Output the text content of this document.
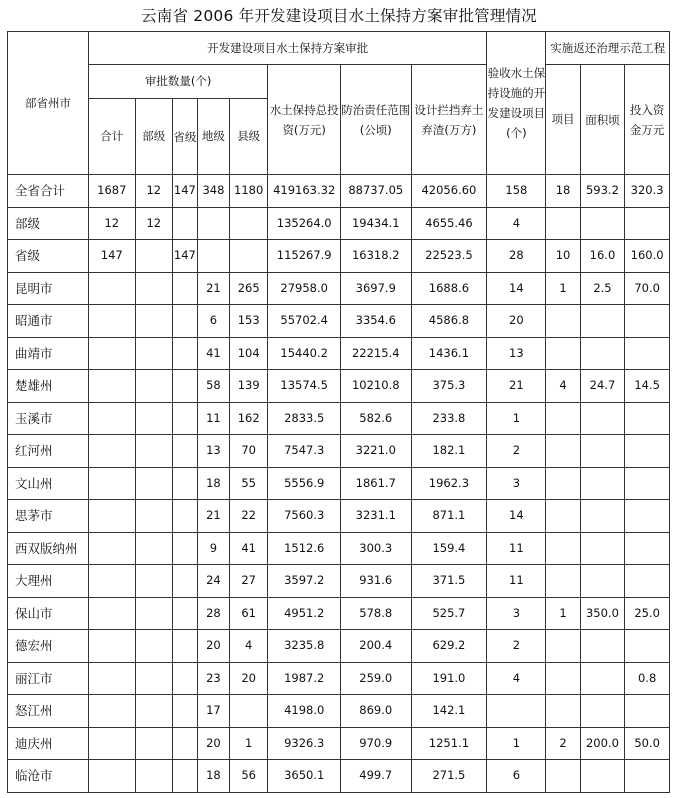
云南省 2006 年开发建设项目水土保持方案审批管理情况
部省州市	开发建设项目水土保持方案审批								验收水土保持设施的开发建设项目(个)	实施返还治理示范工程		
	审批数量(个)					水土保持总投资(万元)	防治责任范围(公顷)	设计拦挡弃土弃渣(万方)		项目	面积顷	投入资金万元
	合计	部级	省级	地级	县级							
全省合计	1687	12	147	348	1180	419163.32	88737.05	42056.60	158	18	593.2	320.3
部级	12	12				135264.0	19434.1	4655.46	4			
省级	147		147			115267.9	16318.2	22523.5	28	10	16.0	160.0
昆明市				21	265	27958.0	3697.9	1688.6	14	1	2.5	70.0
昭通市				6	153	55702.4	3354.6	4586.8	20			
曲靖市				41	104	15440.2	22215.4	1436.1	13			
楚雄州				58	139	13574.5	10210.8	375.3	21	4	24.7	14.5
玉溪市				11	162	2833.5	582.6	233.8	1			
红河州				13	70	7547.3	3221.0	182.1	2			
文山州				18	55	5556.9	1861.7	1962.3	3			
思茅市				21	22	7560.3	3231.1	871.1	14			
西双版纳州				9	41	1512.6	300.3	159.4	11			
大理州				24	27	3597.2	931.6	371.5	11			
保山市				28	61	4951.2	578.8	525.7	3	1	350.0	25.0
德宏州				20	4	3235.8	200.4	629.2	2			
丽江市				23	20	1987.2	259.0	191.0	4			0.8
怒江州				17		4198.0	869.0	142.1				
迪庆州				20	1	9326.3	970.9	1251.1	1	2	200.0	50.0
临沧市				18	56	3650.1	499.7	271.5	6			
